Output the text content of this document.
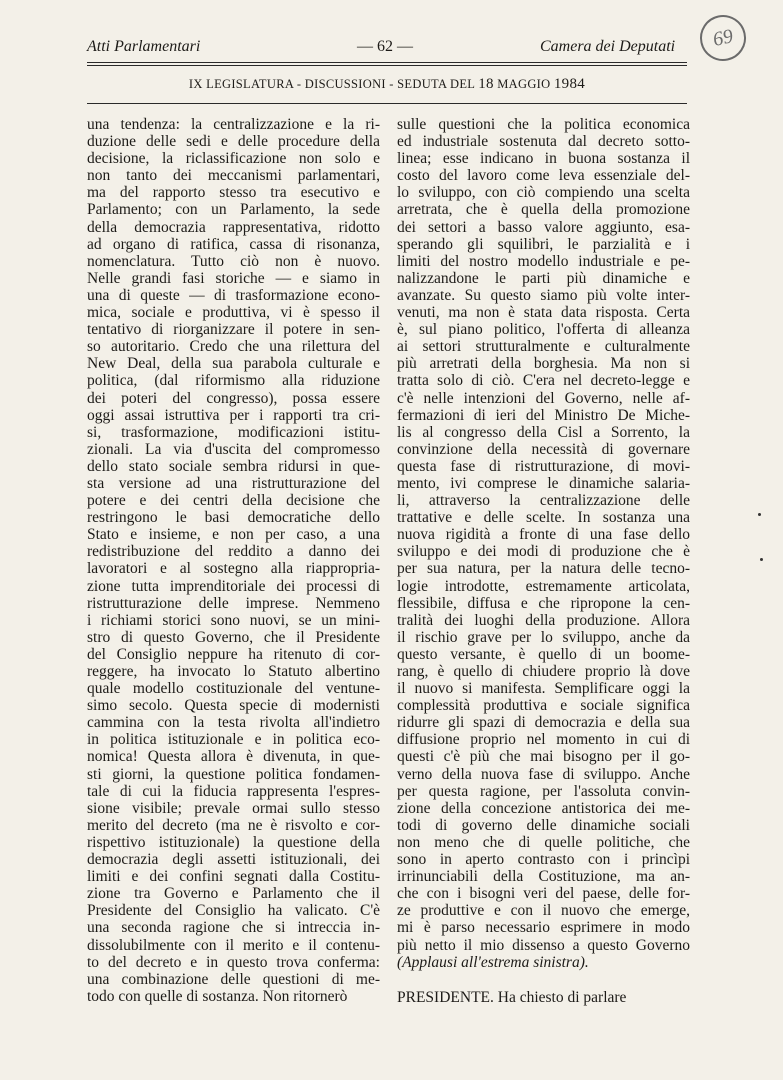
Atti Parlamentari	— 62 —	Camera dei Deputati	69
IX LEGISLATURA - DISCUSSIONI - SEDUTA DEL 18 MAGGIO 1984
una tendenza: la centralizzazione e la ri-
duzione delle sedi e delle procedure della
decisione, la riclassificazione non solo e
non tanto dei meccanismi parlamentari,
ma del rapporto stesso tra esecutivo e
Parlamento; con un Parlamento, la sede
della democrazia rappresentativa, ridotto
ad organo di ratifica, cassa di risonanza,
nomenclatura. Tutto ciò non è nuovo.
Nelle grandi fasi storiche — e siamo in
una di queste — di trasformazione econo-
mica, sociale e produttiva, vi è spesso il
tentativo di riorganizzare il potere in sen-
so autoritario. Credo che una rilettura del
New Deal, della sua parabola culturale e
politica, (dal riformismo alla riduzione
dei poteri del congresso), possa essere
oggi assai istruttiva per i rapporti tra cri-
si, trasformazione, modificazioni istitu-
zionali. La via d'uscita del compromesso
dello stato sociale sembra ridursi in que-
sta versione ad una ristrutturazione del
potere e dei centri della decisione che
restringono le basi democratiche dello
Stato e insieme, e non per caso, a una
redistribuzione del reddito a danno dei
lavoratori e al sostegno alla riappropria-
zione tutta imprenditoriale dei processi di
ristrutturazione delle imprese. Nemmeno
i richiami storici sono nuovi, se un mini-
stro di questo Governo, che il Presidente
del Consiglio neppure ha ritenuto di cor-
reggere, ha invocato lo Statuto albertino
quale modello costituzionale del ventune-
simo secolo. Questa specie di modernisti
cammina con la testa rivolta all'indietro
in politica istituzionale e in politica eco-
nomica! Questa allora è divenuta, in que-
sti giorni, la questione politica fondamen-
tale di cui la fiducia rappresenta l'espres-
sione visibile; prevale ormai sullo stesso
merito del decreto (ma ne è risvolto e cor-
rispettivo istituzionale) la questione della
democrazia degli assetti istituzionali, dei
limiti e dei confini segnati dalla Costitu-
zione tra Governo e Parlamento che il
Presidente del Consiglio ha valicato. C'è
una seconda ragione che si intreccia in-
dissolubilmente con il merito e il contenu-
to del decreto e in questo trova conferma:
una combinazione delle questioni di me-
todo con quelle di sostanza. Non ritornerò
sulle questioni che la politica economica
ed industriale sostenuta dal decreto sotto-
linea; esse indicano in buona sostanza il
costo del lavoro come leva essenziale del-
lo sviluppo, con ciò compiendo una scelta
arretrata, che è quella della promozione
dei settori a basso valore aggiunto, esa-
sperando gli squilibri, le parzialità e i
limiti del nostro modello industriale e pe-
nalizzandone le parti più dinamiche e
avanzate. Su questo siamo più volte inter-
venuti, ma non è stata data risposta. Certa
è, sul piano politico, l'offerta di alleanza
ai settori strutturalmente e culturalmente
più arretrati della borghesia. Ma non si
tratta solo di ciò. C'era nel decreto-legge e
c'è nelle intenzioni del Governo, nelle af-
fermazioni di ieri del Ministro De Miche-
lis al congresso della Cisl a Sorrento, la
convinzione della necessità di governare
questa fase di ristrutturazione, di movi-
mento, ivi comprese le dinamiche salaria-
li, attraverso la centralizzazione delle
trattative e delle scelte. In sostanza una
nuova rigidità a fronte di una fase dello
sviluppo e dei modi di produzione che è
per sua natura, per la natura delle tecno-
logie introdotte, estremamente articolata,
flessibile, diffusa e che ripropone la cen-
tralità dei luoghi della produzione. Allora
il rischio grave per lo sviluppo, anche da
questo versante, è quello di un boome-
rang, è quello di chiudere proprio là dove
il nuovo si manifesta. Semplificare oggi la
complessità produttiva e sociale significa
ridurre gli spazi di democrazia e della sua
diffusione proprio nel momento in cui di
questi c'è più che mai bisogno per il go-
verno della nuova fase di sviluppo. Anche
per questa ragione, per l'assoluta convin-
zione della concezione antistorica dei me-
todi di governo delle dinamiche sociali
non meno che di quelle politiche, che
sono in aperto contrasto con i princìpi
irrinunciabili della Costituzione, ma an-
che con i bisogni veri del paese, delle for-
ze produttive e con il nuovo che emerge,
mi è parso necessario esprimere in modo
più netto il mio dissenso a questo Governo
(Applausi all'estrema sinistra).
PRESIDENTE. Ha chiesto di parlare
